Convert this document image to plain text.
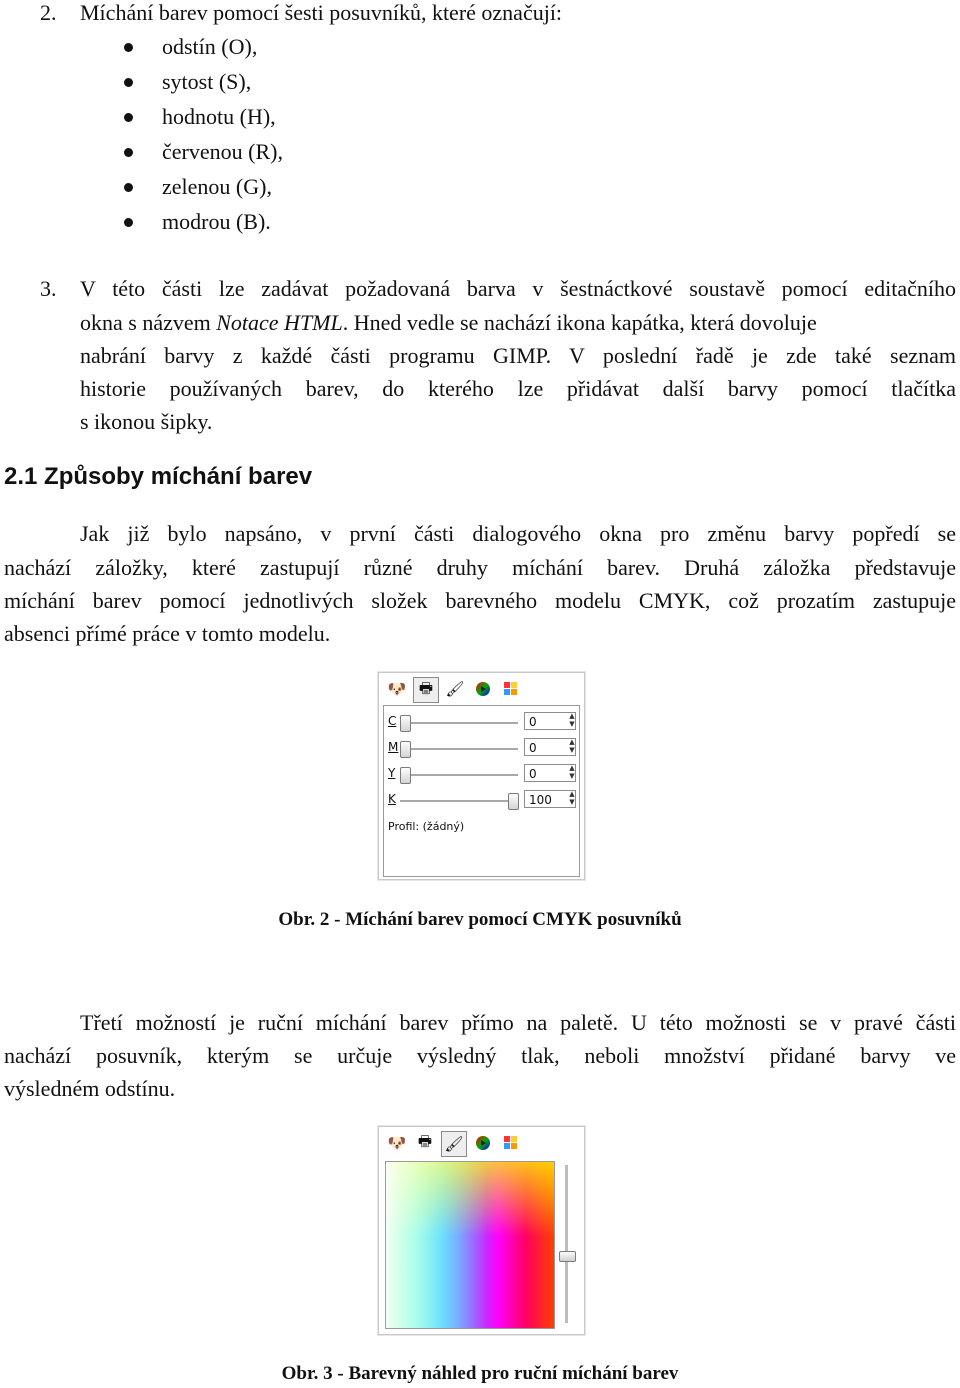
2. Míchání barev pomocí šesti posuvníků, které označují:
odstín (O),
sytost (S),
hodnotu (H),
červenou (R),
zelenou (G),
modrou (B).
3. V této části lze zadávat požadovaná barva v šestnáctkové soustavě pomocí editačního
okna s názvem Notace HTML. Hned vedle se nachází ikona kapátka, která dovoluje
nabrání barvy z každé části programu GIMP. V poslední řadě je zde také seznam
historie používaných barev, do kterého lze přidávat další barvy pomocí tlačítka
s ikonou šipky.
2.1 Způsoby míchání barev
Jak již bylo napsáno, v první části dialogového okna pro změnu barvy popředí se
nachází záložky, které zastupují různé druhy míchání barev. Druhá záložka představuje
míchání barev pomocí jednotlivých složek barevného modelu CMYK, což prozatím zastupuje
absenci přímé práce v tomto modelu.
🐶 🖶 🖌
C	0	▲
▼
M	0	▲
▼
Y	0	▲
▼
K	100	▲
▼
Profil: (žádný)
Obr. 2 - Míchání barev pomocí CMYK posuvníků
Třetí možností je ruční míchání barev přímo na paletě. U této možnosti se v pravé části
nachází posuvník, kterým se určuje výsledný tlak, neboli množství přidané barvy ve
výsledném odstínu.
🐶 🖶 🖌
Obr. 3 - Barevný náhled pro ruční míchání barev
